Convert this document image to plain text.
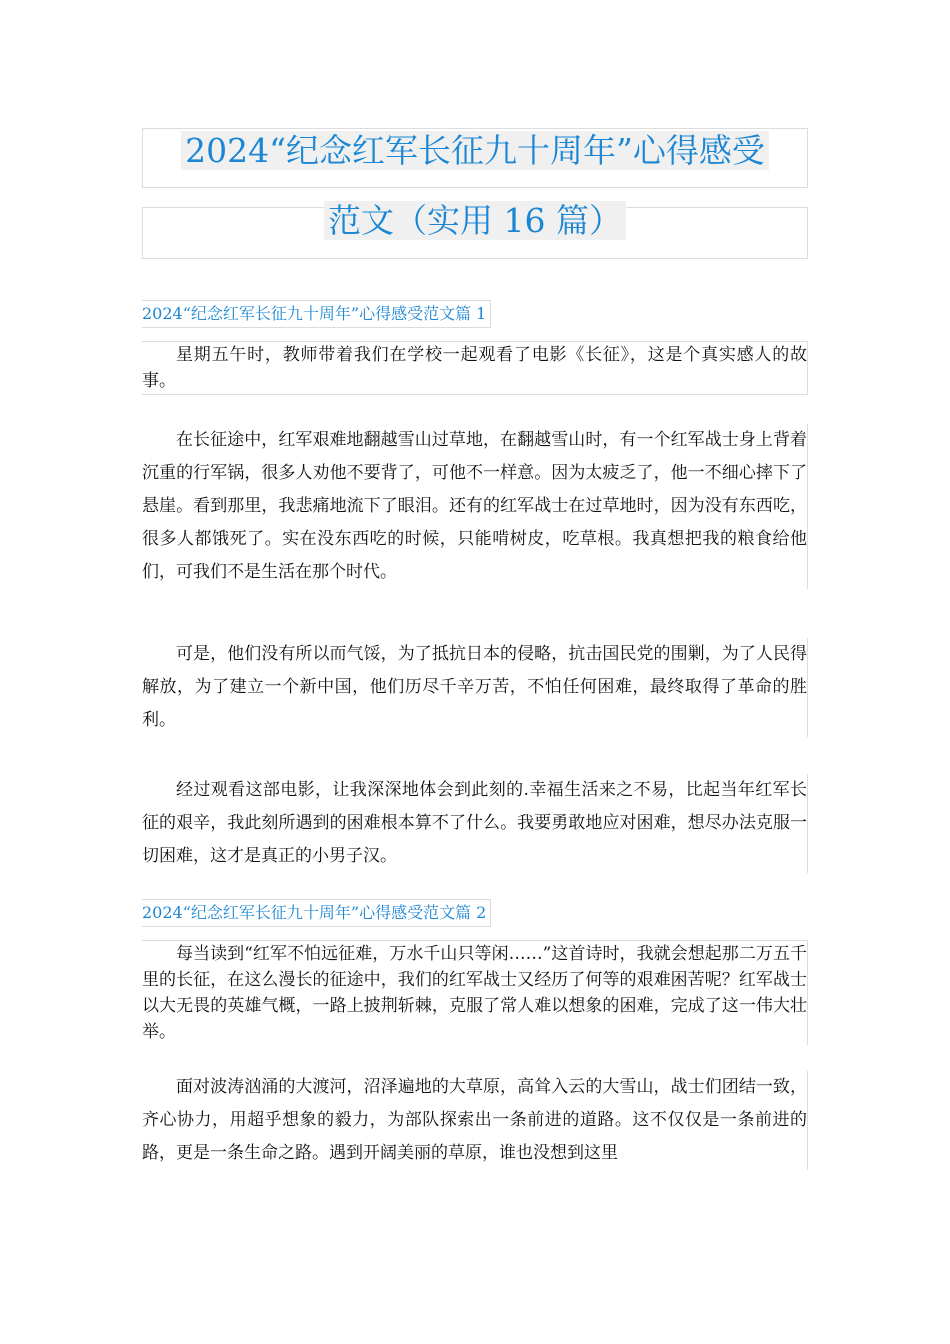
2024“纪念红军长征九十周年”心得感受
范文（实用 16 篇）
2024“纪念红军长征九十周年”心得感受范文篇 1

星期五午时，教师带着我们在学校一起观看了电影《长征》，这是个真实感人的故事。

在长征途中，红军艰难地翻越雪山过草地，在翻越雪山时，有一个红军战士身上背着沉重的行军锅，很多人劝他不要背了，可他不一样意。因为太疲乏了，他一不细心摔下了悬崖。看到那里，我悲痛地流下了眼泪。还有的红军战士在过草地时，因为没有东西吃，很多人都饿死了。实在没东西吃的时候，只能啃树皮，吃草根。我真想把我的粮食给他们，可我们不是生活在那个时代。

可是，他们没有所以而气馁，为了抵抗日本的侵略，抗击国民党的围剿，为了人民得解放，为了建立一个新中国，他们历尽千辛万苦，不怕任何困难，最终取得了革命的胜利。

经过观看这部电影，让我深深地体会到此刻的.幸福生活来之不易，比起当年红军长征的艰辛，我此刻所遇到的困难根本算不了什么。我要勇敢地应对困难，想尽办法克服一切困难，这才是真正的小男子汉。

2024“纪念红军长征九十周年”心得感受范文篇 2

每当读到“红军不怕远征难，万水千山只等闲……”这首诗时，我就会想起那二万五千里的长征，在这么漫长的征途中，我们的红军战士又经历了何等的艰难困苦呢？红军战士以大无畏的英雄气概，一路上披荆斩棘，克服了常人难以想象的困难，完成了这一伟大壮举。

面对波涛汹涌的大渡河，沼泽遍地的大草原，高耸入云的大雪山，战士们团结一致，齐心协力，用超乎想象的毅力，为部队探索出一条前进的道路。这不仅仅是一条前进的路，更是一条生命之路。遇到开阔美丽的草原，谁也没想到这里
